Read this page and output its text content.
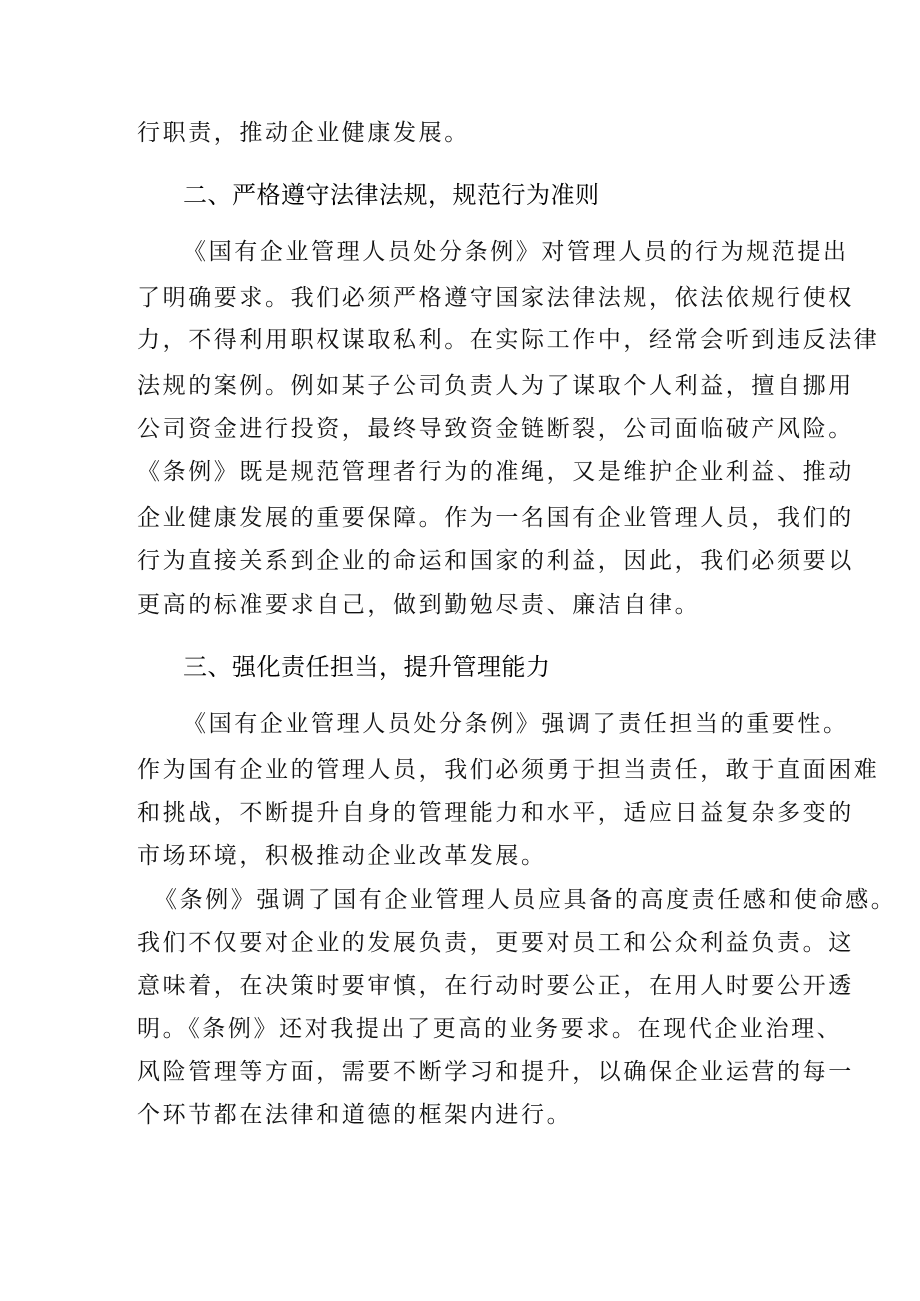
行职责，推动企业健康发展。
二、严格遵守法律法规，规范行为准则
《国有企业管理人员处分条例》对管理人员的行为规范提出
了明确要求。我们必须严格遵守国家法律法规，依法依规行使权
力，不得利用职权谋取私利。在实际工作中，经常会听到违反法律
法规的案例。例如某子公司负责人为了谋取个人利益，擅自挪用
公司资金进行投资，最终导致资金链断裂，公司面临破产风险。
《条例》既是规范管理者行为的准绳，又是维护企业利益、推动
企业健康发展的重要保障。作为一名国有企业管理人员，我们的
行为直接关系到企业的命运和国家的利益，因此，我们必须要以
更高的标准要求自己，做到勤勉尽责、廉洁自律。
三、强化责任担当，提升管理能力
《国有企业管理人员处分条例》强调了责任担当的重要性。
作为国有企业的管理人员，我们必须勇于担当责任，敢于直面困难
和挑战，不断提升自身的管理能力和水平，适应日益复杂多变的
市场环境，积极推动企业改革发展。
《条例》强调了国有企业管理人员应具备的高度责任感和使命感。
我们不仅要对企业的发展负责，更要对员工和公众利益负责。这
意味着，在决策时要审慎，在行动时要公正，在用人时要公开透
明。《条例》还对我提出了更高的业务要求。在现代企业治理、
风险管理等方面，需要不断学习和提升，以确保企业运营的每一
个环节都在法律和道德的框架内进行。
